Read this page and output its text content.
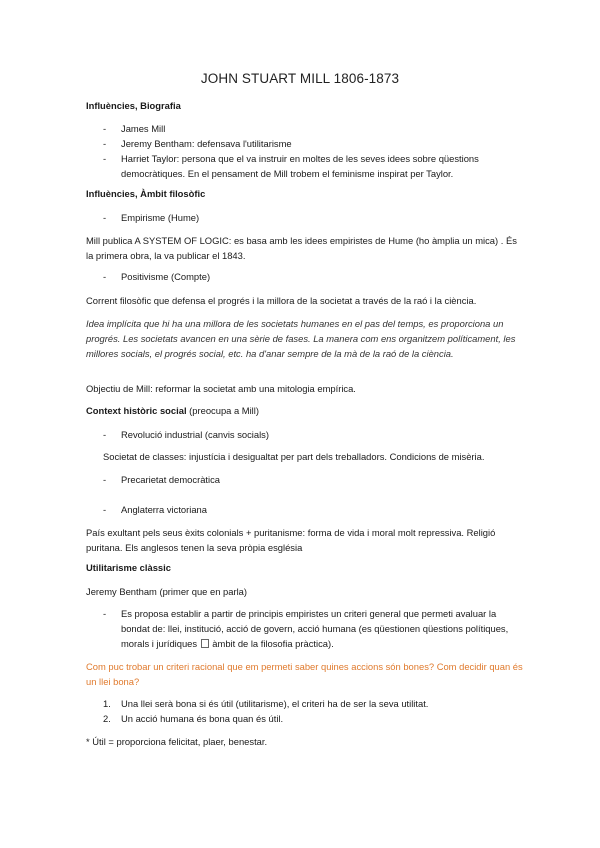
JOHN STUART MILL 1806-1873
Influències, Biografia
- James Mill
- Jeremy Bentham: defensava l'utilitarisme
- Harriet Taylor: persona que el va instruir en moltes de les seves idees sobre qüestions democràtiques. En el pensament de Mill trobem el feminisme inspirat per Taylor.
Influències, Àmbit filosòfic
- Empirisme (Hume)
Mill publica A SYSTEM OF LOGIC: es basa amb les idees empiristes de Hume (ho àmplia un mica) . És la primera obra, la va publicar el 1843.
- Positivisme (Compte)
Corrent filosòfic que defensa el progrés i la millora de la societat a través de la raó i la ciència.
Idea implícita que hi ha una millora de les societats humanes en el pas del temps, es proporciona un progrés. Les societats avancen en una sèrie de fases. La manera com ens organitzem políticament, les millores socials, el progrés social, etc. ha d'anar sempre de la mà de la raó de la ciència.
Objectiu de Mill: reformar la societat amb una mitologia empírica.
Context històric social (preocupa a Mill)
- Revolució industrial (canvis socials)
Societat de classes: injustícia i desigualtat per part dels treballadors. Condicions de misèria.
- Precarietat democràtica
- Anglaterra victoriana
País exultant pels seus èxits colonials + puritanisme: forma de vida i moral molt repressiva. Religió puritana. Els anglesos tenen la seva pròpia església
Utilitarisme clàssic
Jeremy Bentham (primer que en parla)
- Es proposa establir a partir de principis empiristes un criteri general que permeti avaluar la bondat de: llei, institució, acció de govern, acció humana (es qüestionen qüestions polítiques, morals i jurídiques  àmbit de la filosofia pràctica).
Com puc trobar un criteri racional que em permeti saber quines accions són bones? Com decidir quan és un llei bona?
1. Una llei serà bona si és útil (utilitarisme), el criteri ha de ser la seva utilitat.
2. Un acció humana és bona quan és útil.
* Útil = proporciona felicitat, plaer, benestar.
